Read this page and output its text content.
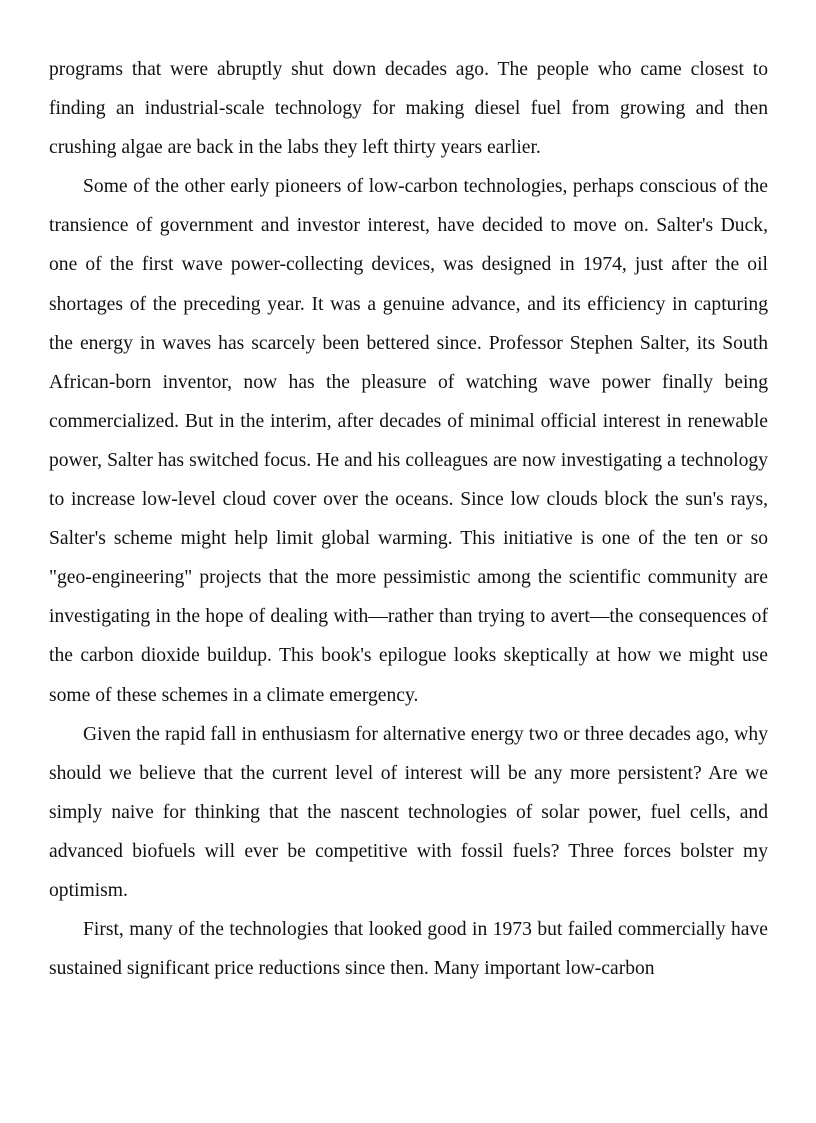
programs that were abruptly shut down decades ago. The people who came closest to finding an industrial-scale technology for making diesel fuel from growing and then crushing algae are back in the labs they left thirty years earlier.

Some of the other early pioneers of low-carbon technologies, perhaps conscious of the transience of government and investor interest, have decided to move on. Salter's Duck, one of the first wave power-collecting devices, was designed in 1974, just after the oil shortages of the preceding year. It was a genuine advance, and its efficiency in capturing the energy in waves has scarcely been bettered since. Professor Stephen Salter, its South African-born inventor, now has the pleasure of watching wave power finally being commercialized. But in the interim, after decades of minimal official interest in renewable power, Salter has switched focus. He and his colleagues are now investigating a technology to increase low-level cloud cover over the oceans. Since low clouds block the sun's rays, Salter's scheme might help limit global warming. This initiative is one of the ten or so "geo-engineering" projects that the more pessimistic among the scientific community are investigating in the hope of dealing with—rather than trying to avert—the consequences of the carbon dioxide buildup. This book's epilogue looks skeptically at how we might use some of these schemes in a climate emergency.

Given the rapid fall in enthusiasm for alternative energy two or three decades ago, why should we believe that the current level of interest will be any more persistent? Are we simply naive for thinking that the nascent technologies of solar power, fuel cells, and advanced biofuels will ever be competitive with fossil fuels? Three forces bolster my optimism.

First, many of the technologies that looked good in 1973 but failed commercially have sustained significant price reductions since then. Many important low-carbon
